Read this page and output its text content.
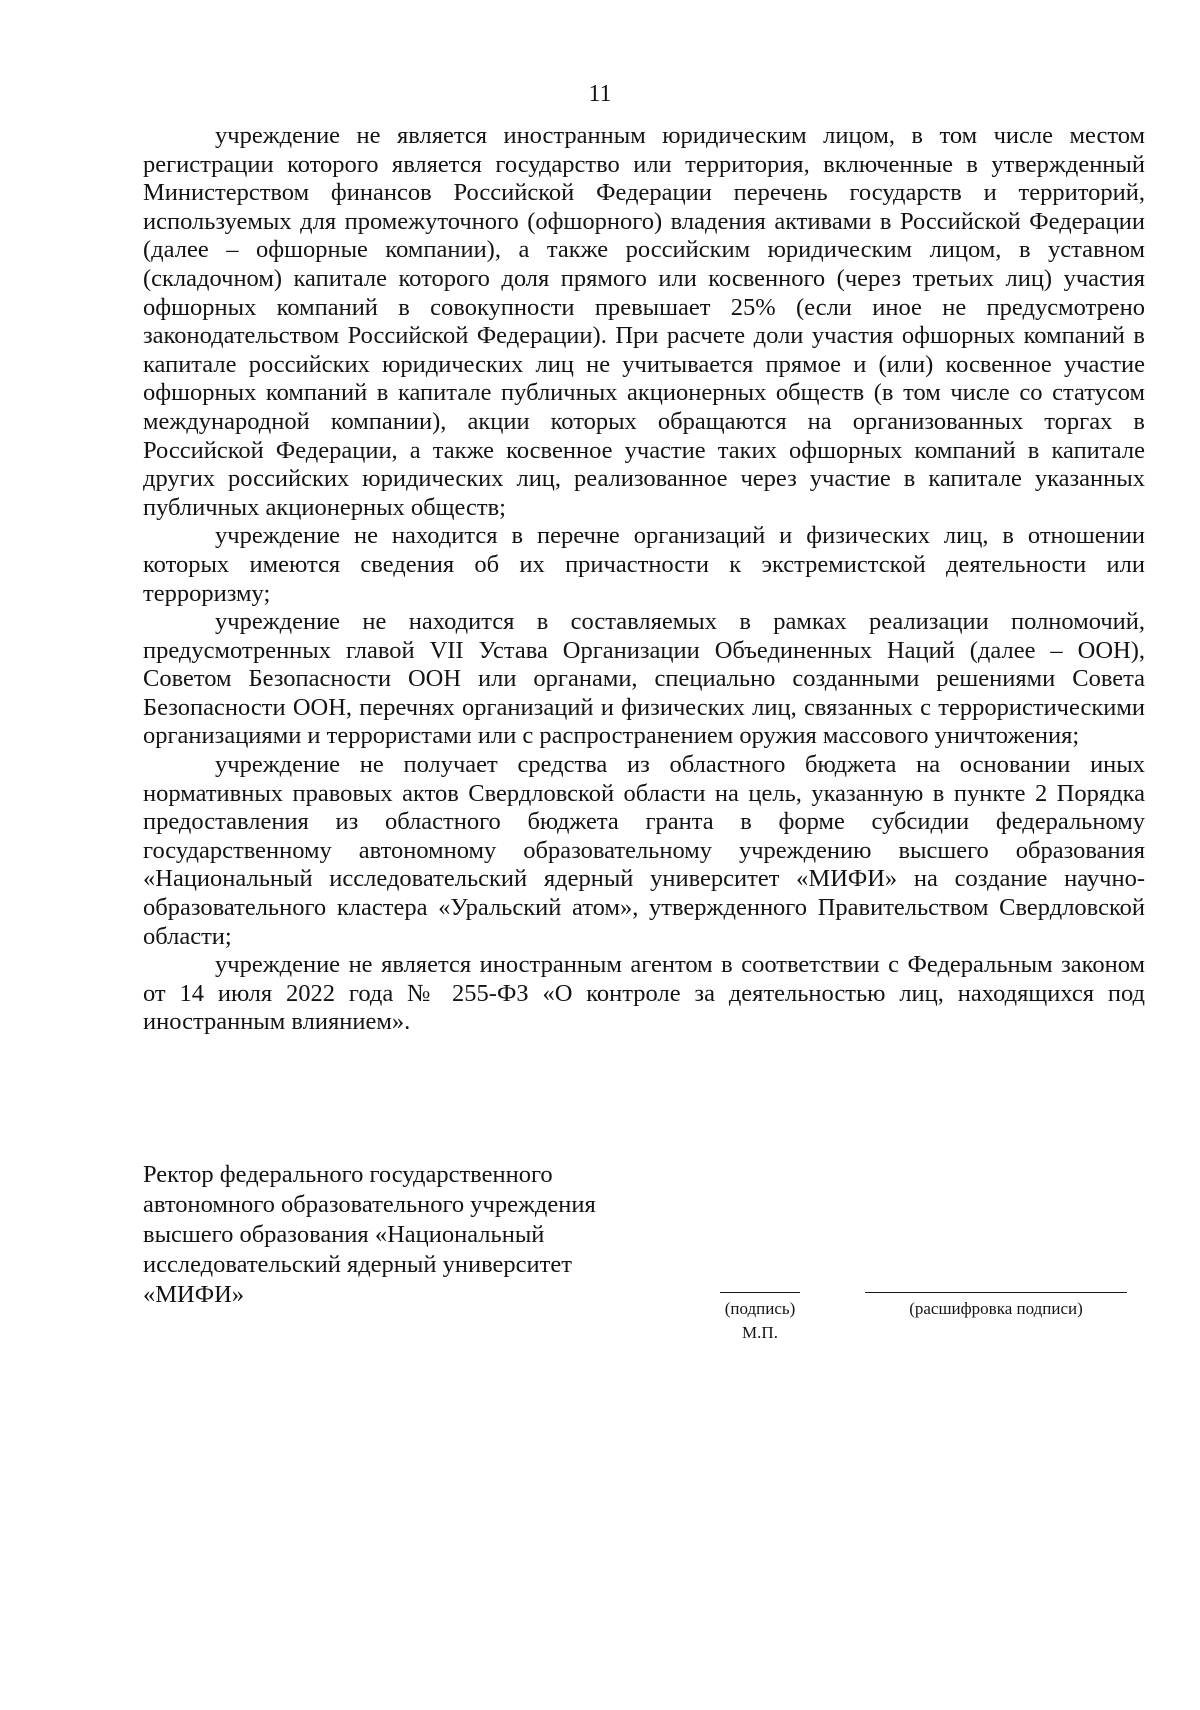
11

учреждение не является иностранным юридическим лицом, в том числе местом регистрации которого является государство или территория, включенные в утвержденный Министерством финансов Российской Федерации перечень государств и территорий, используемых для промежуточного (офшорного) владения активами в Российской Федерации (далее – офшорные компании), а также российским юридическим лицом, в уставном (складочном) капитале которого доля прямого или косвенного (через третьих лиц) участия офшорных компаний в совокупности превышает 25% (если иное не предусмотрено законодательством Российской Федерации). При расчете доли участия офшорных компаний в капитале российских юридических лиц не учитывается прямое и (или) косвенное участие офшорных компаний в капитале публичных акционерных обществ (в том числе со статусом международной компании), акции которых обращаются на организованных торгах в Российской Федерации, а также косвенное участие таких офшорных компаний в капитале других российских юридических лиц, реализованное через участие в капитале указанных публичных акционерных обществ;

учреждение не находится в перечне организаций и физических лиц, в отношении которых имеются сведения об их причастности к экстремистской деятельности или терроризму;

учреждение не находится в составляемых в рамках реализации полномочий, предусмотренных главой VII Устава Организации Объединенных Наций (далее – ООН), Советом Безопасности ООН или органами, специально созданными решениями Совета Безопасности ООН, перечнях организаций и физических лиц, связанных с террористическими организациями и террористами или с распространением оружия массового уничтожения;

учреждение не получает средства из областного бюджета на основании иных нормативных правовых актов Свердловской области на цель, указанную в пункте 2 Порядка предоставления из областного бюджета гранта в форме субсидии федеральному государственному автономному образовательному учреждению высшего образования «Национальный исследовательский ядерный университет «МИФИ» на создание научно-образовательного кластера «Уральский атом», утвержденного Правительством Свердловской области;

учреждение не является иностранным агентом в соответствии с Федеральным законом от 14 июля 2022 года № 255-ФЗ «О контроле за деятельностью лиц, находящихся под иностранным влиянием».

Ректор федерального государственного
автономного образовательного учреждения
высшего образования «Национальный
исследовательский ядерный университет
«МИФИ»
(подпись)
М.П.
(расшифровка подписи)
